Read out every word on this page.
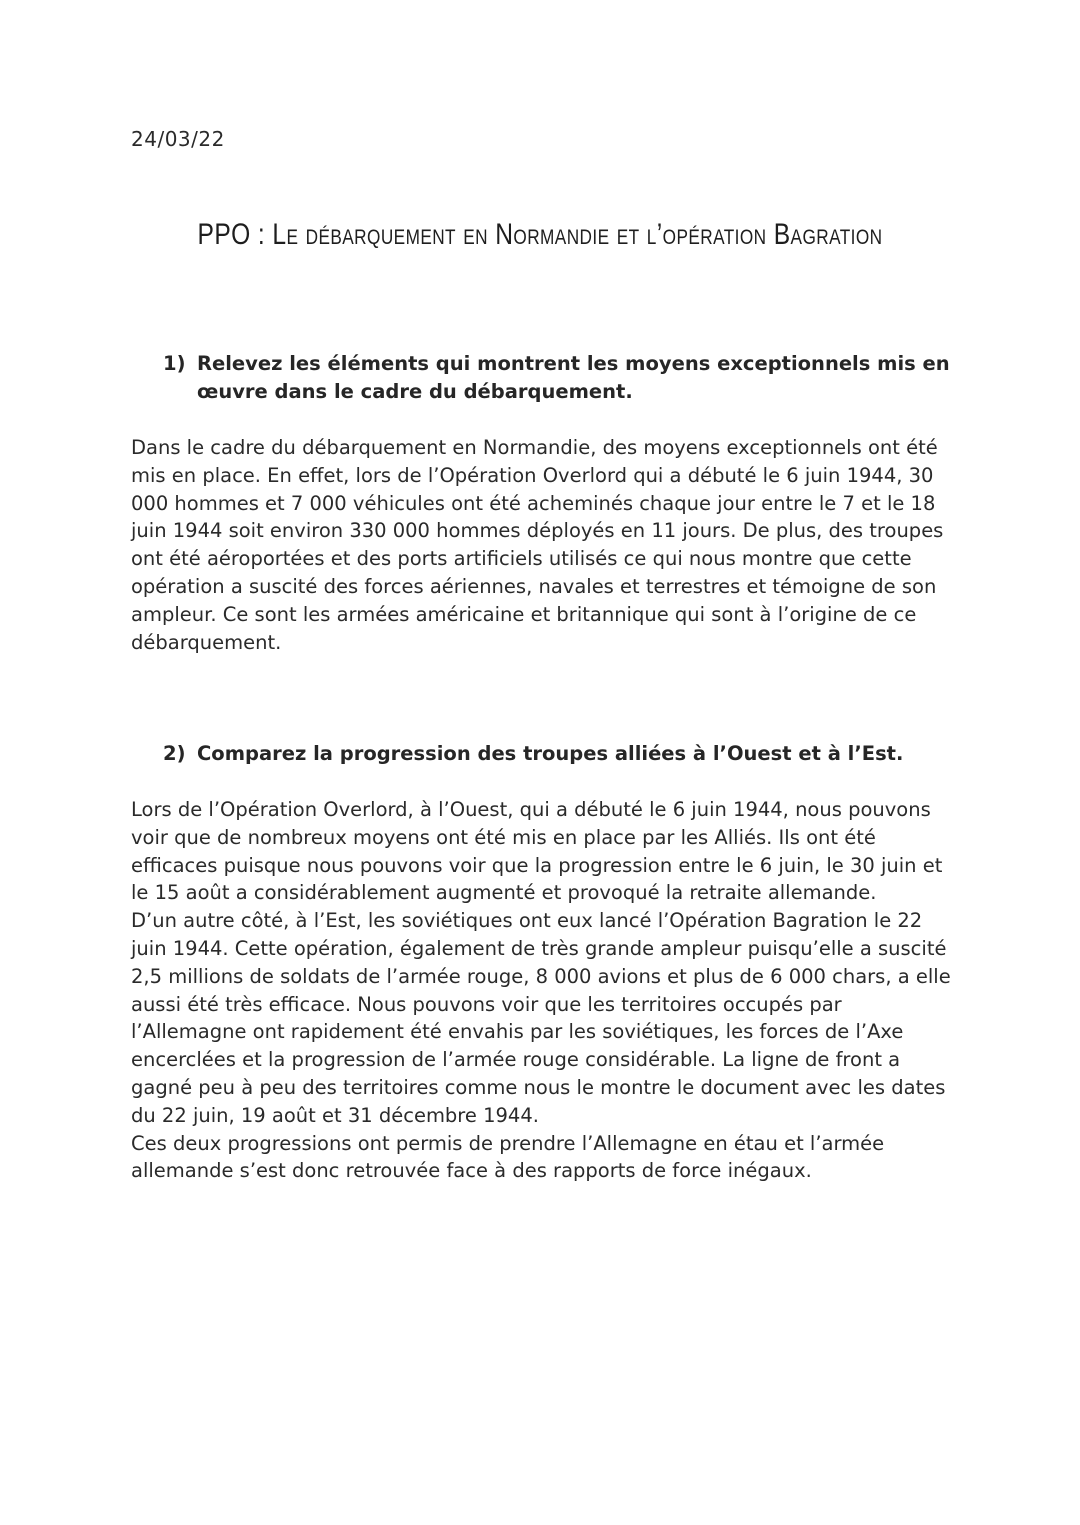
24/03/22
PPO : Le débarquement en Normandie et l’opération Bagration
1) Relevez les éléments qui montrent les moyens exceptionnels mis en œuvre dans le cadre du débarquement.

Dans le cadre du débarquement en Normandie, des moyens exceptionnels ont été mis en place. En effet, lors de l’Opération Overlord qui a débuté le 6 juin 1944, 30 000 hommes et 7 000 véhicules ont été acheminés chaque jour entre le 7 et le 18 juin 1944 soit environ 330 000 hommes déployés en 11 jours. De plus, des troupes ont été aéroportées et des ports artificiels utilisés ce qui nous montre que cette opération a suscité des forces aériennes, navales et terrestres et témoigne de son ampleur. Ce sont les armées américaine et britannique qui sont à l’origine de ce débarquement.

2) Comparez la progression des troupes alliées à l’Ouest et à l’Est.

Lors de l’Opération Overlord, à l’Ouest, qui a débuté le 6 juin 1944, nous pouvons voir que de nombreux moyens ont été mis en place par les Alliés. Ils ont été efficaces puisque nous pouvons voir que la progression entre le 6 juin, le 30 juin et le 15 août a considérablement augmenté et provoqué la retraite allemande.

D’un autre côté, à l’Est, les soviétiques ont eux lancé l’Opération Bagration le 22 juin 1944. Cette opération, également de très grande ampleur puisqu’elle a suscité 2,5 millions de soldats de l’armée rouge, 8 000 avions et plus de 6 000 chars, a elle aussi été très efficace. Nous pouvons voir que les territoires occupés par l’Allemagne ont rapidement été envahis par les soviétiques, les forces de l’Axe encerclées et la progression de l’armée rouge considérable. La ligne de front a gagné peu à peu des territoires comme nous le montre le document avec les dates du 22 juin, 19 août et 31 décembre 1944.

Ces deux progressions ont permis de prendre l’Allemagne en étau et l’armée allemande s’est donc retrouvée face à des rapports de force inégaux.
